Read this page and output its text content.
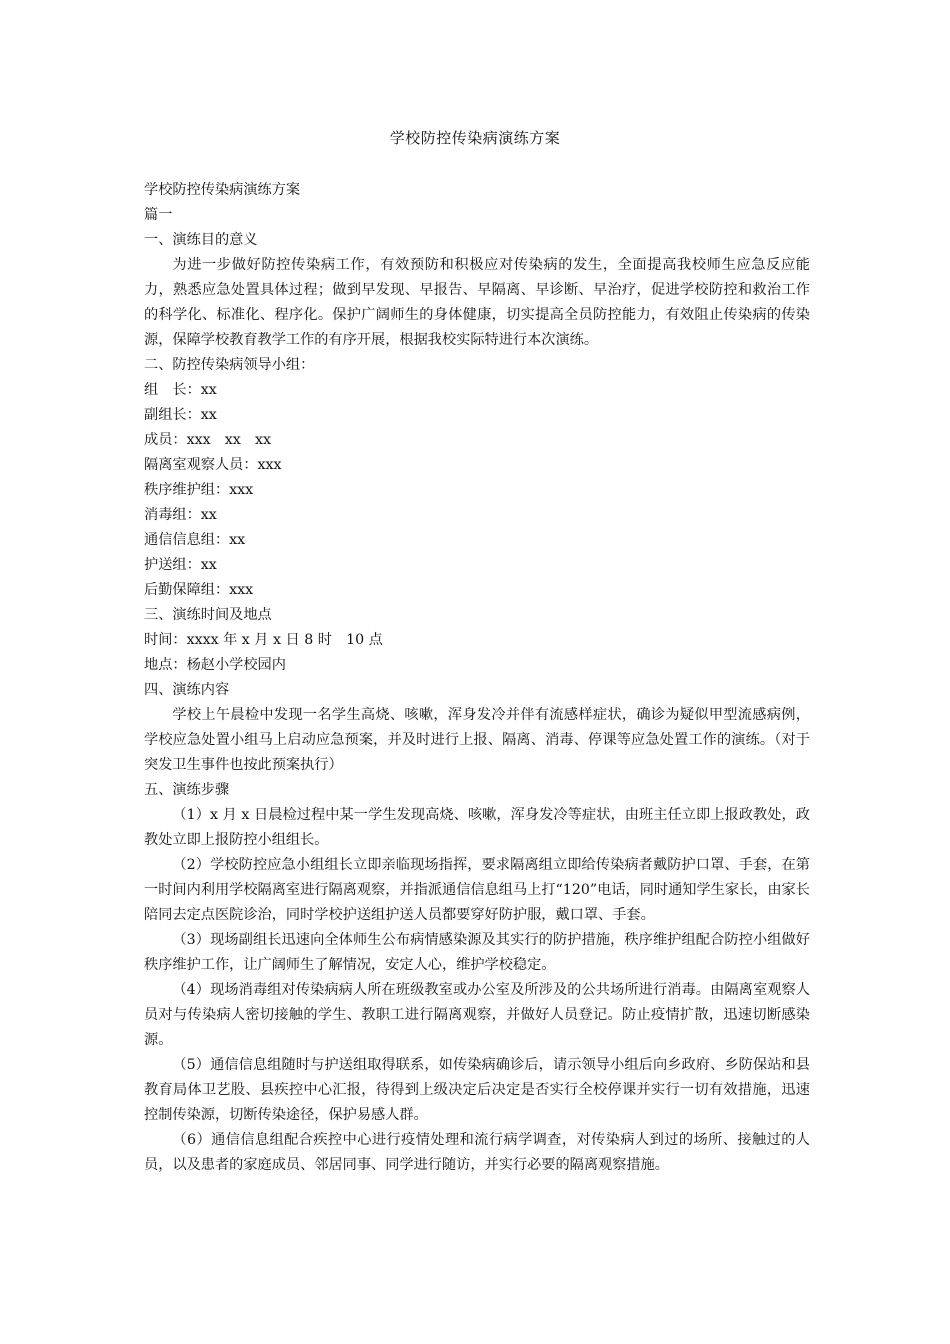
学校防控传染病演练方案

学校防控传染病演练方案

篇一

一、演练目的意义

为进一步做好防控传染病工作，有效预防和积极应对传染病的发生，全面提高我校师生应急反应能力，熟悉应急处置具体过程；做到早发现、早报告、早隔离、早诊断、早治疗，促进学校防控和救治工作的科学化、标准化、程序化。保护广阔师生的身体健康，切实提高全员防控能力，有效阻止传染病的传染源，保障学校教育教学工作的有序开展，根据我校实际特进行本次演练。

二、防控传染病领导小组：

组　长：xx

副组长：xx

成员：xxx　xx　xx

隔离室观察人员：xxx

秩序维护组：xxx

消毒组：xx

通信信息组：xx

护送组：xx

后勤保障组：xxx

三、演练时间及地点

时间：xxxx 年 x 月 x 日 8 时　10 点

地点：杨赵小学校园内

四、演练内容

学校上午晨检中发现一名学生高烧、咳嗽，浑身发冷并伴有流感样症状，确诊为疑似甲型流感病例，学校应急处置小组马上启动应急预案，并及时进行上报、隔离、消毒、停课等应急处置工作的演练。（对于突发卫生事件也按此预案执行）

五、演练步骤

（1）x 月 x 日晨检过程中某一学生发现高烧、咳嗽，浑身发冷等症状，由班主任立即上报政教处，政教处立即上报防控小组组长。

（2）学校防控应急小组组长立即亲临现场指挥，要求隔离组立即给传染病者戴防护口罩、手套，在第一时间内利用学校隔离室进行隔离观察，并指派通信信息组马上打“120”电话，同时通知学生家长，由家长陪同去定点医院诊治，同时学校护送组护送人员都要穿好防护服，戴口罩、手套。

（3）现场副组长迅速向全体师生公布病情感染源及其实行的防护措施，秩序维护组配合防控小组做好秩序维护工作，让广阔师生了解情况，安定人心，维护学校稳定。

（4）现场消毒组对传染病病人所在班级教室或办公室及所涉及的公共场所进行消毒。由隔离室观察人员对与传染病人密切接触的学生、教职工进行隔离观察，并做好人员登记。防止疫情扩散，迅速切断感染源。

（5）通信信息组随时与护送组取得联系，如传染病确诊后，请示领导小组后向乡政府、乡防保站和县教育局体卫艺股、县疾控中心汇报，待得到上级决定后决定是否实行全校停课并实行一切有效措施，迅速控制传染源，切断传染途径，保护易感人群。

（6）通信信息组配合疾控中心进行疫情处理和流行病学调查，对传染病人到过的场所、接触过的人员，以及患者的家庭成员、邻居同事、同学进行随访，并实行必要的隔离观察措施。
